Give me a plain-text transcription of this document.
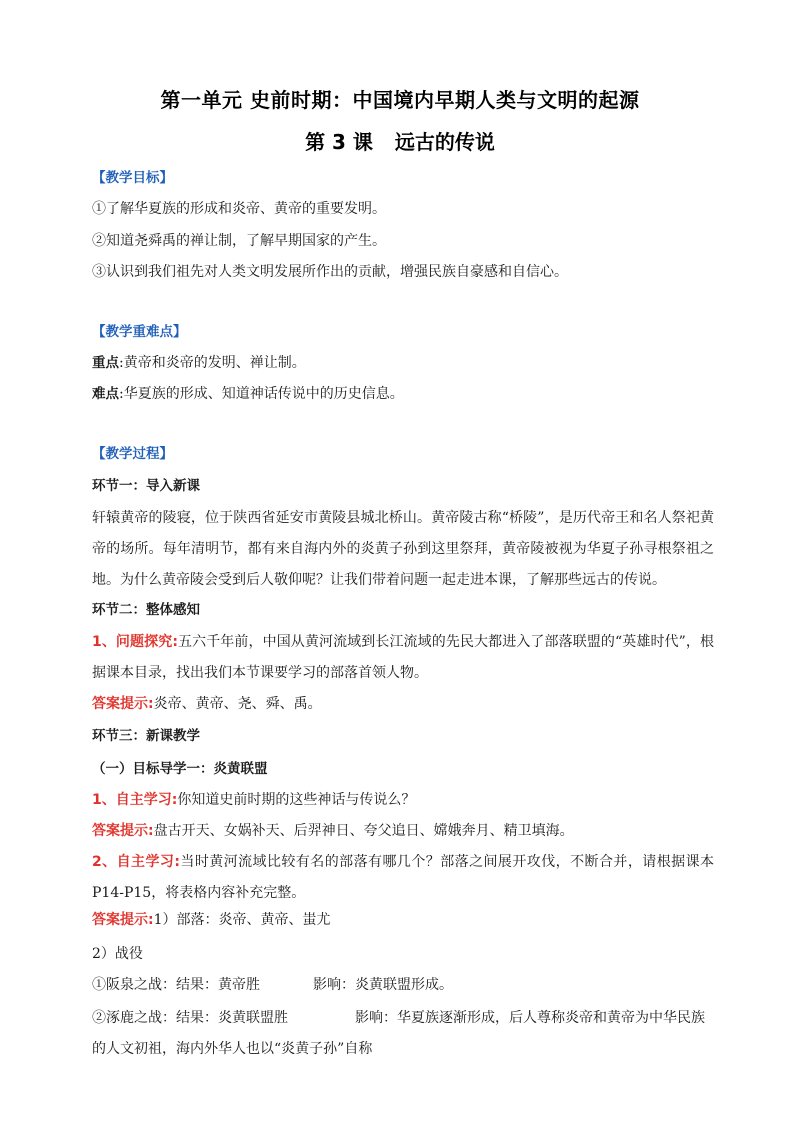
第一单元 史前时期：中国境内早期人类与文明的起源
第 3 课 远古的传说
【教学目标】
①了解华夏族的形成和炎帝、黄帝的重要发明。
②知道尧舜禹的禅让制，了解早期国家的产生。
③认识到我们祖先对人类文明发展所作出的贡献，增强民族自豪感和自信心。
【教学重难点】
重点:黄帝和炎帝的发明、禅让制。
难点:华夏族的形成、知道神话传说中的历史信息。
【教学过程】
环节一：导入新课
轩辕黄帝的陵寝，位于陕西省延安市黄陵县城北桥山。黄帝陵古称“桥陵”，是历代帝王和名人祭祀黄帝的场所。每年清明节，都有来自海内外的炎黄子孙到这里祭拜，黄帝陵被视为华夏子孙寻根祭祖之地。为什么黄帝陵会受到后人敬仰呢？让我们带着问题一起走进本课，了解那些远古的传说。
环节二：整体感知
1、问题探究:五六千年前，中国从黄河流域到长江流域的先民大都进入了部落联盟的“英雄时代”，根据课本目录，找出我们本节课要学习的部落首领人物。
答案提示:炎帝、黄帝、尧、舜、禹。
环节三：新课教学
（一）目标导学一：炎黄联盟
1、自主学习:你知道史前时期的这些神话与传说么？
答案提示:盘古开天、女娲补天、后羿神日、夸父追日、嫦娥奔月、精卫填海。
2、自主学习:当时黄河流域比较有名的部落有哪几个？部落之间展开攻伐，不断合并，请根据课本P14-P15，将表格内容补充完整。
答案提示:1）部落：炎帝、黄帝、蚩尤
2）战役
①阪泉之战：结果：黄帝胜	影响：炎黄联盟形成。
②涿鹿之战：结果：炎黄联盟胜	影响：华夏族逐渐形成，后人尊称炎帝和黄帝为中华民族
的人文初祖，海内外华人也以“炎黄子孙”自称
